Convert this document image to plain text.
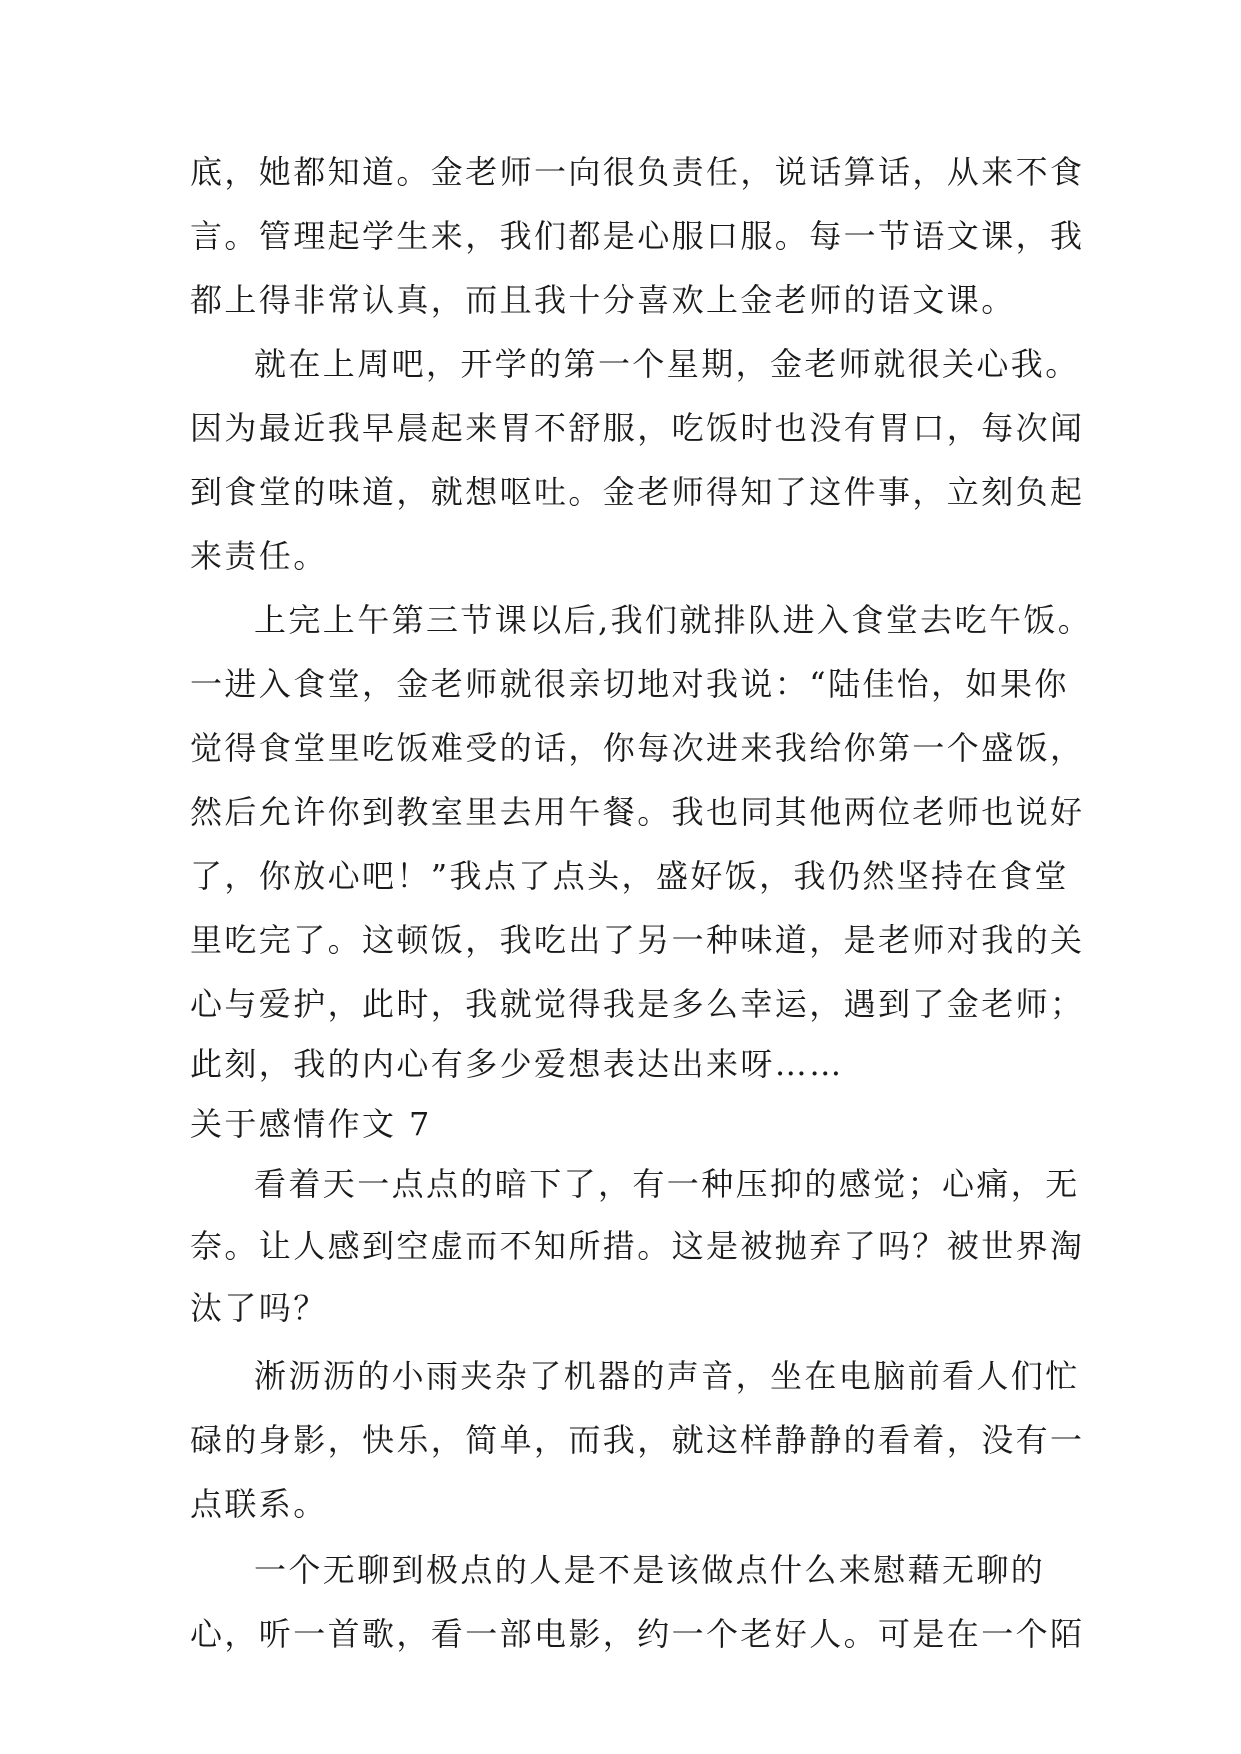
底，她都知道。金老师一向很负责任，说话算话，从来不食
言。管理起学生来，我们都是心服口服。每一节语文课，我
都上得非常认真，而且我十分喜欢上金老师的语文课。
就在上周吧，开学的第一个星期，金老师就很关心我。
因为最近我早晨起来胃不舒服，吃饭时也没有胃口，每次闻
到食堂的味道，就想呕吐。金老师得知了这件事，立刻负起
来责任。
上完上午第三节课以后,我们就排队进入食堂去吃午饭。
一进入食堂，金老师就很亲切地对我说：“陆佳怡，如果你
觉得食堂里吃饭难受的话，你每次进来我给你第一个盛饭，
然后允许你到教室里去用午餐。我也同其他两位老师也说好
了，你放心吧！”我点了点头，盛好饭，我仍然坚持在食堂
里吃完了。这顿饭，我吃出了另一种味道，是老师对我的关
心与爱护，此时，我就觉得我是多么幸运，遇到了金老师；
此刻，我的内心有多少爱想表达出来呀……
关于感情作文 7
看着天一点点的暗下了，有一种压抑的感觉；心痛，无
奈。让人感到空虚而不知所措。这是被抛弃了吗？被世界淘
汰了吗？
淅沥沥的小雨夹杂了机器的声音，坐在电脑前看人们忙
碌的身影，快乐，简单，而我，就这样静静的看着，没有一
点联系。
一个无聊到极点的人是不是该做点什么来慰藉无聊的
心，听一首歌，看一部电影，约一个老好人。可是在一个陌
